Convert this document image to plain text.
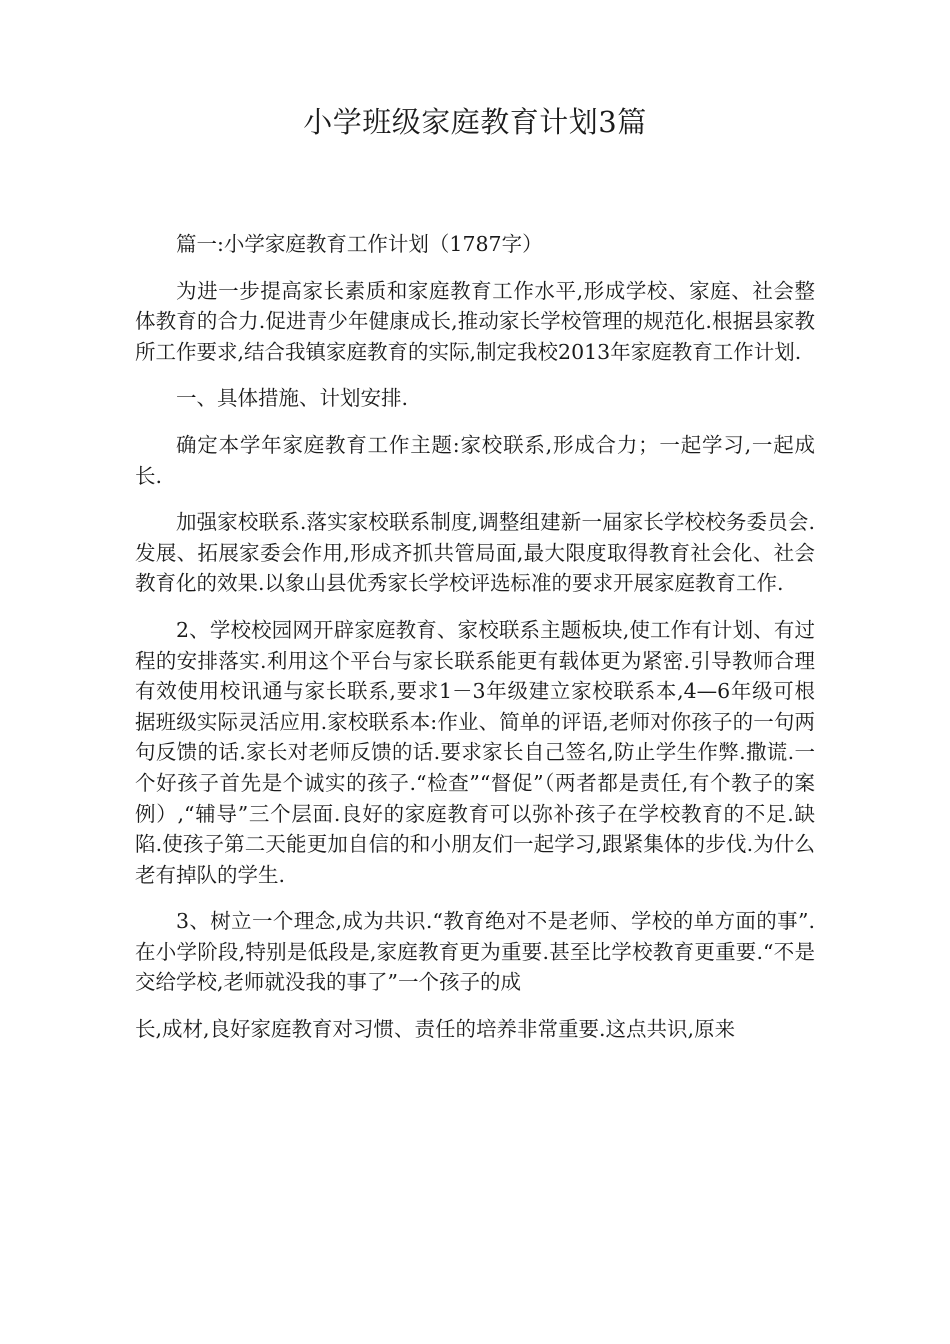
小学班级家庭教育计划3篇

篇一:小学家庭教育工作计划（1787字）

为进一步提高家长素质和家庭教育工作水平,形成学校、家庭、社会整体教育的合力.促进青少年健康成长,推动家长学校管理的规范化.根据县家教所工作要求,结合我镇家庭教育的实际,制定我校2013年家庭教育工作计划.

一、具体措施、计划安排.

确定本学年家庭教育工作主题:家校联系,形成合力；一起学习,一起成长.

加强家校联系.落实家校联系制度,调整组建新一届家长学校校务委员会.发展、拓展家委会作用,形成齐抓共管局面,最大限度取得教育社会化、社会教育化的效果.以象山县优秀家长学校评选标准的要求开展家庭教育工作.

2、学校校园网开辟家庭教育、家校联系主题板块,使工作有计划、有过程的安排落实.利用这个平台与家长联系能更有载体更为紧密.引导教师合理有效使用校讯通与家长联系,要求1－3年级建立家校联系本,4—6年级可根据班级实际灵活应用.家校联系本:作业、简单的评语,老师对你孩子的一句两句反馈的话.家长对老师反馈的话.要求家长自己签名,防止学生作弊.撒谎.一个好孩子首先是个诚实的孩子.“检查”“督促”（两者都是责任,有个教子的案例）,“辅导”三个层面.良好的家庭教育可以弥补孩子在学校教育的不足.缺陷.使孩子第二天能更加自信的和小朋友们一起学习,跟紧集体的步伐.为什么老有掉队的学生.

3、树立一个理念,成为共识.“教育绝对不是老师、学校的单方面的事”.在小学阶段,特别是低段是,家庭教育更为重要.甚至比学校教育更重要.“不是交给学校,老师就没我的事了”一个孩子的成

长,成材,良好家庭教育对习惯、责任的培养非常重要.这点共识,原来
